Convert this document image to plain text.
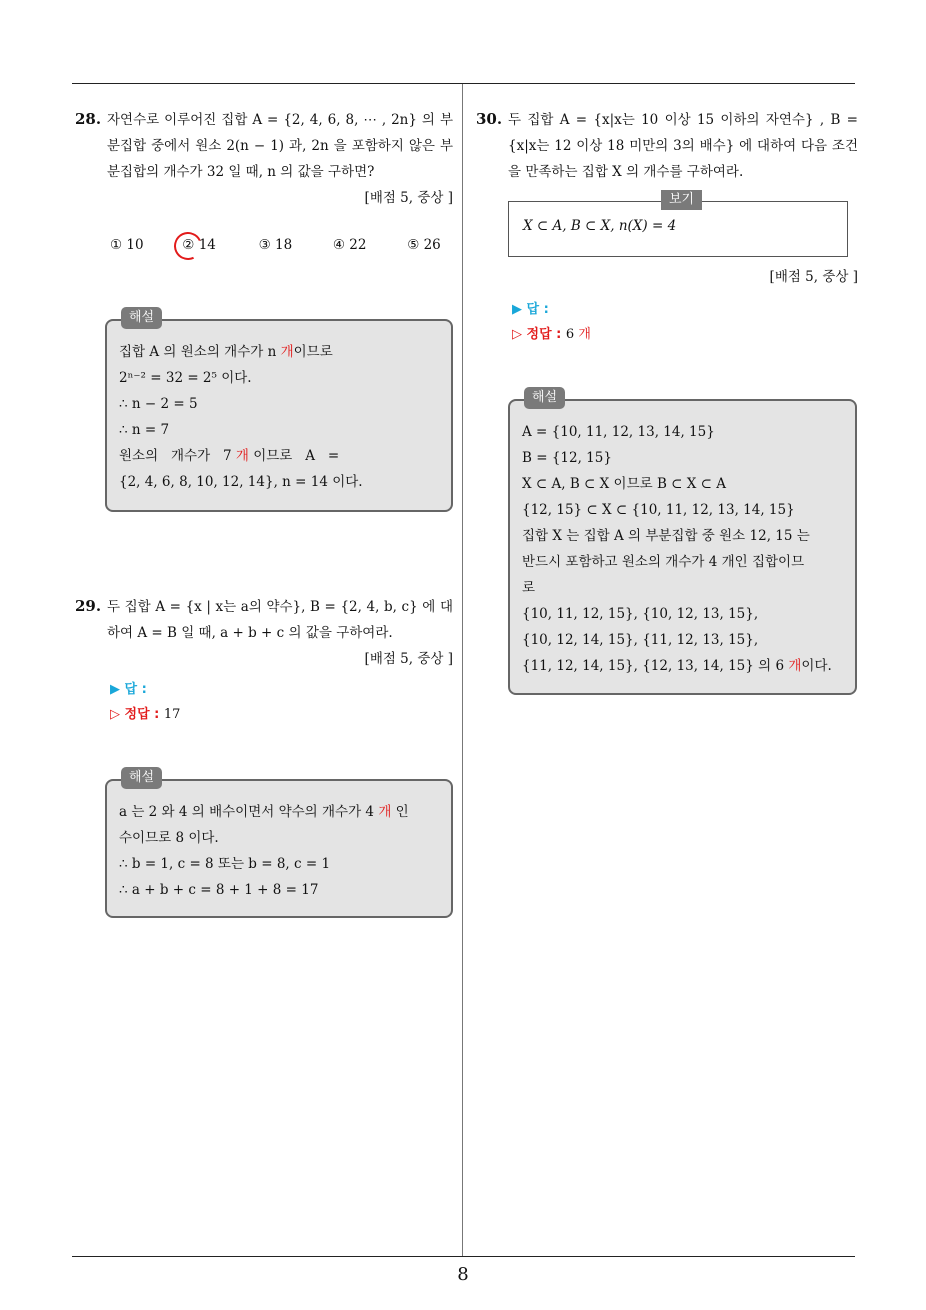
8
28. 자연수로 이루어진 집합 A = {2, 4, 6, 8, ⋯ , 2n} 의 부분집합 중에서 원소 2(n − 1) 과, 2n 을 포함하지 않은 부분집합의 개수가 32 일 때, n 의 값을 구하면?
[배점 5, 중상 ]
① 10	② 14	③ 18	④ 22	⑤ 26
해설
집합 A 의 원소의 개수가 n 개이므로
2ⁿ⁻² = 32 = 2⁵ 이다.
∴ n − 2 = 5
∴ n = 7
원소의   개수가   7 개 이므로   A   =
{2, 4, 6, 8, 10, 12, 14}, n = 14 이다.
29. 두 집합 A = {x | x는 a의 약수}, B = {2, 4, b, c} 에 대하여 A = B 일 때, a + b + c 의 값을 구하여라.
[배점 5, 중상 ]
▶ 답 :
▷ 정답 : 17
해설
a 는 2 와 4 의 배수이면서 약수의 개수가 4 개 인
수이므로 8 이다.
∴ b = 1, c = 8 또는 b = 8, c = 1
∴ a + b + c = 8 + 1 + 8 = 17
30. 두 집합 A = {x|x는 10 이상 15 이하의 자연수} , B = {x|x는 12 이상 18 미만의 3의 배수} 에 대하여 다음 조건을 만족하는 집합 X 의 개수를 구하여라.
보기
X ⊂ A, B ⊂ X, n(X) = 4
[배점 5, 중상 ]
▶ 답 :
▷ 정답 : 6 개
해설
A = {10, 11, 12, 13, 14, 15}
B = {12, 15}
X ⊂ A, B ⊂ X 이므로 B ⊂ X ⊂ A
{12, 15} ⊂ X ⊂ {10, 11, 12, 13, 14, 15}
집합 X 는 집합 A 의 부분집합 중 원소 12, 15 는
반드시 포함하고 원소의 개수가 4 개인 집합이므
로
{10, 11, 12, 15}, {10, 12, 13, 15},
{10, 12, 14, 15}, {11, 12, 13, 15},
{11, 12, 14, 15}, {12, 13, 14, 15} 의 6 개이다.
